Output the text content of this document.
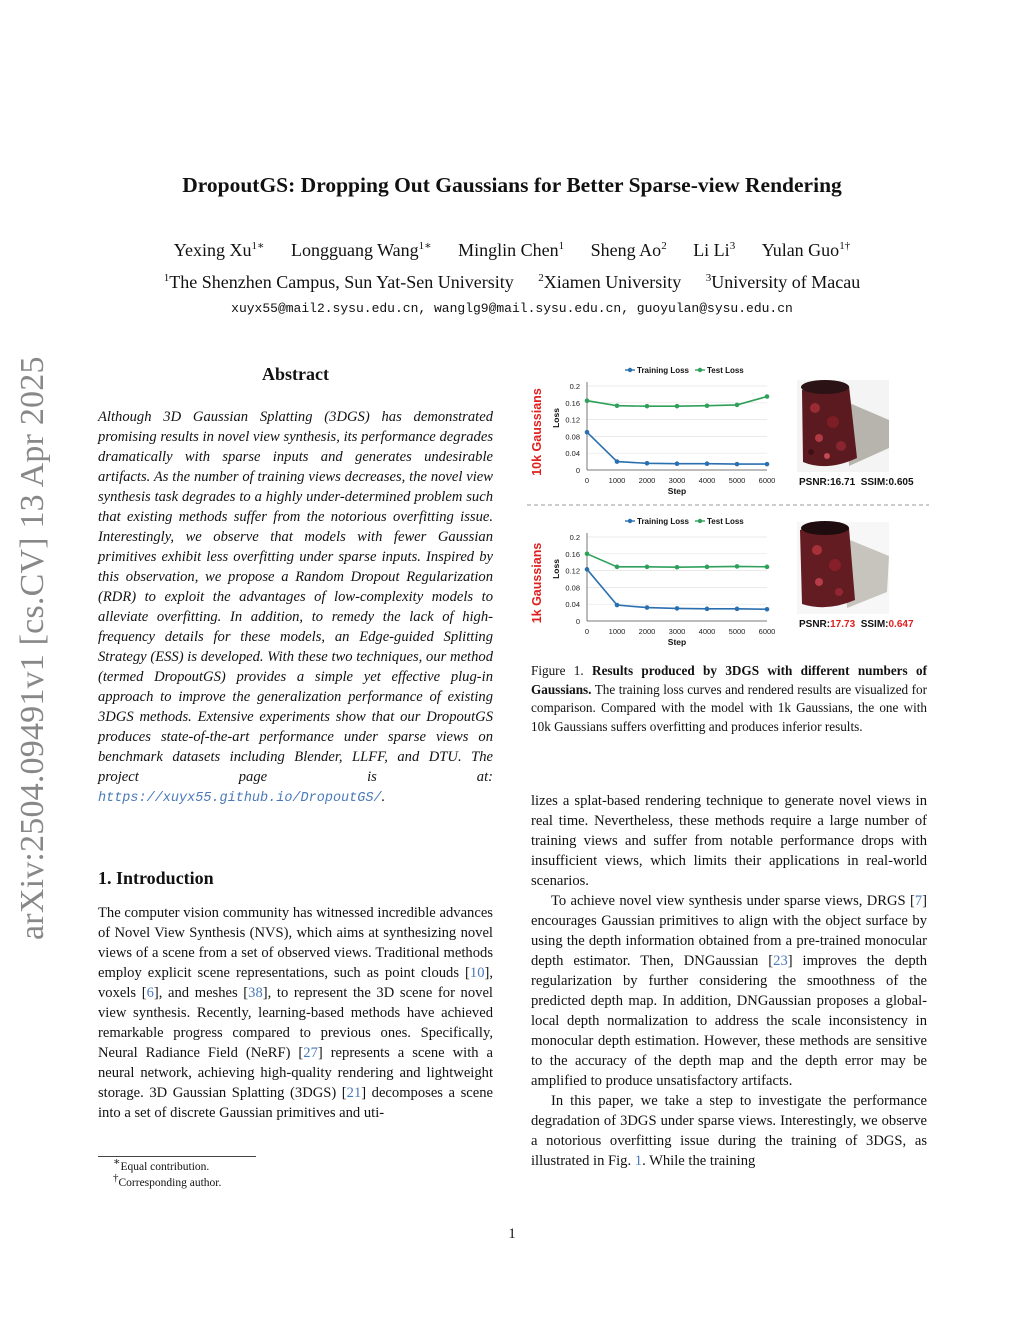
DropoutGS: Dropping Out Gaussians for Better Sparse-view Rendering
Yexing $Xu^{1∗}$ Longguang Wang$^{1∗}$ Minglin Chen$^1$ Sheng Ao$^2$ Li Li$^3$ Yulan Guo$^{1\dagger}$
$^1$The Shenzhen Campus, Sun Yat-Sen University $^2$Xiamen University $^3$University of Macau
xuyx55@mail2.sysu.edu.cn, wanglg9@mail.sysu.edu.cn, guoyulan@sysu.edu.cn
arXiv:2504.09491v1 [cs.CV] 13 Apr 2025	Abstract
Although 3D Gaussian Splatting (3DGS) has demonstrated promising results in novel view synthesis, its performance degrades dramatically with sparse inputs and generates undesirable artifacts. As the number of training views decreases, the novel view synthesis task degrades to a highly under-determined problem such that existing methods suffer from the notorious overfitting issue. Interestingly, we observe that models with fewer Gaussian primitives exhibit less overfitting under sparse inputs. Inspired by this observation, we propose a Random Dropout Regularization (RDR) to exploit the advantages of low-complexity models to alleviate overfitting. In addition, to remedy the lack of high-frequency details for these models, an Edge-guided Splitting Strategy (ESS) is developed. With these two techniques, our method (termed DropoutGS) provides a simple yet effective plug-in approach to improve the generalization performance of existing 3DGS methods. Extensive experiments show that our DropoutGS produces state-of-the-art performance under sparse views on benchmark datasets including Blender, LLFF, and DTU. The project page is at: https://xuyx55.github.io/DropoutGS/.
1. Introduction
The computer vision community has witnessed incredible advances of Novel View Synthesis (NVS), which aims at synthesizing novel views of a scene from a set of observed views. Traditional methods employ explicit scene representations, such as point clouds [10], voxels [6], and meshes [38], to represent the 3D scene for novel view synthesis. Recently, learning-based methods have achieved remarkable progress compared to previous ones. Specifically, Neural Radiance Field (NeRF) [27] represents a scene with a neural network, achieving high-quality rendering and lightweight storage. 3D Gaussian Splatting (3DGS) [21] decomposes a scene into a set of discrete Gaussian primitives and uti-
∗Equal contribution.
†Corresponding author.
1
10k Gaussians Loss
0
0.04
0.08
0.12
0.16
0.2
0	1000 2000 3000 4000 5000 6000
Step
Training Loss Test Loss
1k Gaussians Loss
0
0.04
0.08
0.12
0.16
0.2
0	1000 2000 3000 4000 5000 6000
Step
Training Loss Test Loss
PSNR:16.71 SSIM:0.605
PSNR:17.73 SSIM:0.647
Figure 1. Results produced by 3DGS with different numbers of Gaussians. The training loss curves and rendered results are visualized for comparison. Compared with the model with 1k Gaussians, the one with 10k Gaussians suffers overfitting and produces inferior results.

lizes a splat-based rendering technique to generate novel views in real time. Nevertheless, these methods require a large number of training views and suffer from notable performance drops with insufficient views, which limits their applications in real-world scenarios.

To achieve novel view synthesis under sparse views, DRGS [7] encourages Gaussian primitives to align with the object surface by using the depth information obtained from a pre-trained monocular depth estimator. Then, DNGaussian [23] improves the depth regularization by further considering the smoothness of the predicted depth map. In addition, DNGaussian proposes a global-local depth normalization to address the scale inconsistency in monocular depth estimation. However, these methods are sensitive to the accuracy of the depth map and the depth error may be amplified to produce unsatisfactory artifacts.

In this paper, we take a step to investigate the performance degradation of 3DGS under sparse views. Interestingly, we observe a notorious overfitting issue during the training of 3DGS, as illustrated in Fig. 1. While the training
